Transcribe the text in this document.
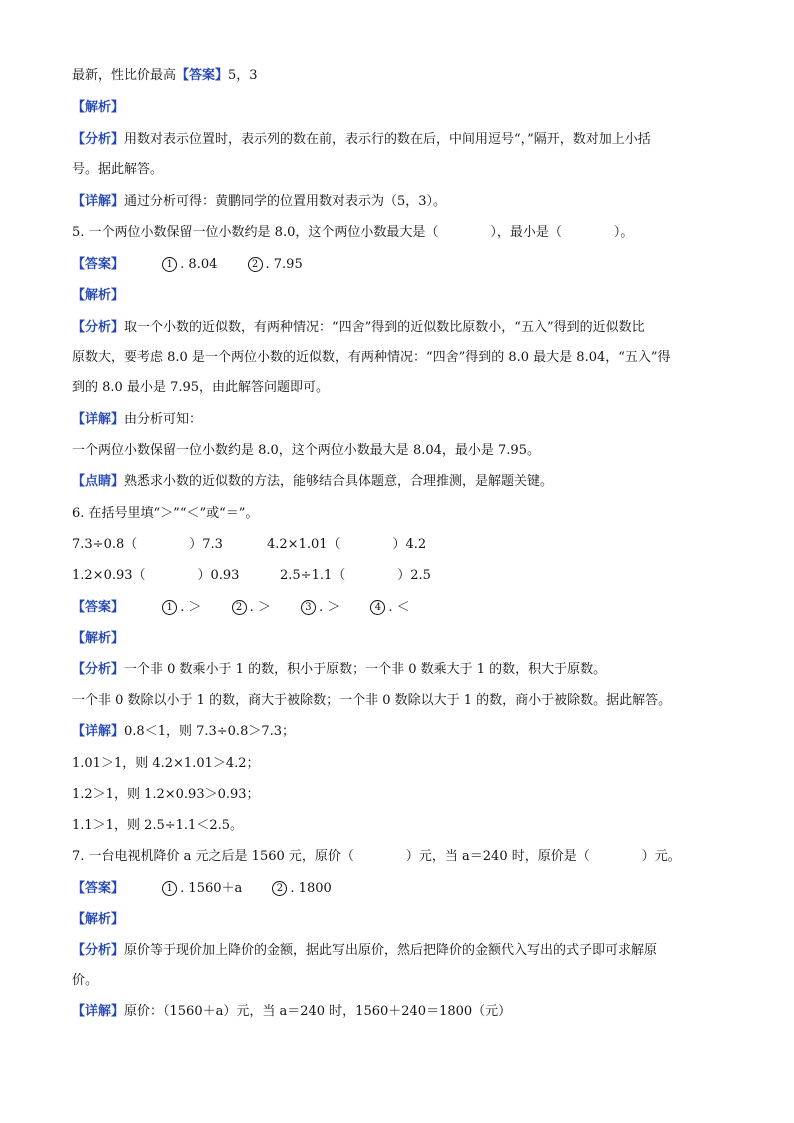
最新，性比价最高【答案】5，3
【解析】
【分析】用数对表示位置时，表示列的数在前，表示行的数在后，中间用逗号“，”隔开，数对加上小括
号。据此解答。
【详解】通过分析可得：黄鹏同学的位置用数对表示为（5，3）。
5. 一个两位小数保留一位小数约是 8.0，这个两位小数最大是（　　　　），最小是（　　　　）。
【答案】	1 . 8.04	2 . 7.95
【解析】
【分析】取一个小数的近似数，有两种情况：“四舍”得到的近似数比原数小，“五入”得到的近似数比
原数大，要考虑 8.0 是一个两位小数的近似数，有两种情况：“四舍”得到的 8.0 最大是 8.04，“五入”得
到的 8.0 最小是 7.95，由此解答问题即可。
【详解】由分析可知：
一个两位小数保留一位小数约是 8.0，这个两位小数最大是 8.04，最小是 7.95。
【点睛】熟悉求小数的近似数的方法，能够结合具体题意，合理推测，是解题关键。
6. 在括号里填“＞”“＜”或“＝”。
7.3÷0.8（　　　　）7.3	4.2×1.01（　　　　）4.2
1.2×0.93（　　　　）0.93	2.5÷1.1（　　　　）2.5
【答案】	1 . ＞	2 . ＞	3 . ＞	4 . ＜
【解析】
【分析】一个非 0 数乘小于 1 的数，积小于原数；一个非 0 数乘大于 1 的数，积大于原数。
一个非 0 数除以小于 1 的数，商大于被除数；一个非 0 数除以大于 1 的数，商小于被除数。据此解答。
【详解】0.8＜1，则 7.3÷0.8＞7.3；
1.01＞1，则 4.2×1.01＞4.2；
1.2＞1，则 1.2×0.93＞0.93；
1.1＞1，则 2.5÷1.1＜2.5。
7. 一台电视机降价 a 元之后是 1560 元，原价（　　　　）元，当 a＝240 时，原价是（　　　　）元。
【答案】	1 . 1560＋a	2 . 1800
【解析】
【分析】原价等于现价加上降价的金额，据此写出原价，然后把降价的金额代入写出的式子即可求解原
价。
【详解】原价：（1560＋a）元，当 a＝240 时，1560＋240＝1800（元）
